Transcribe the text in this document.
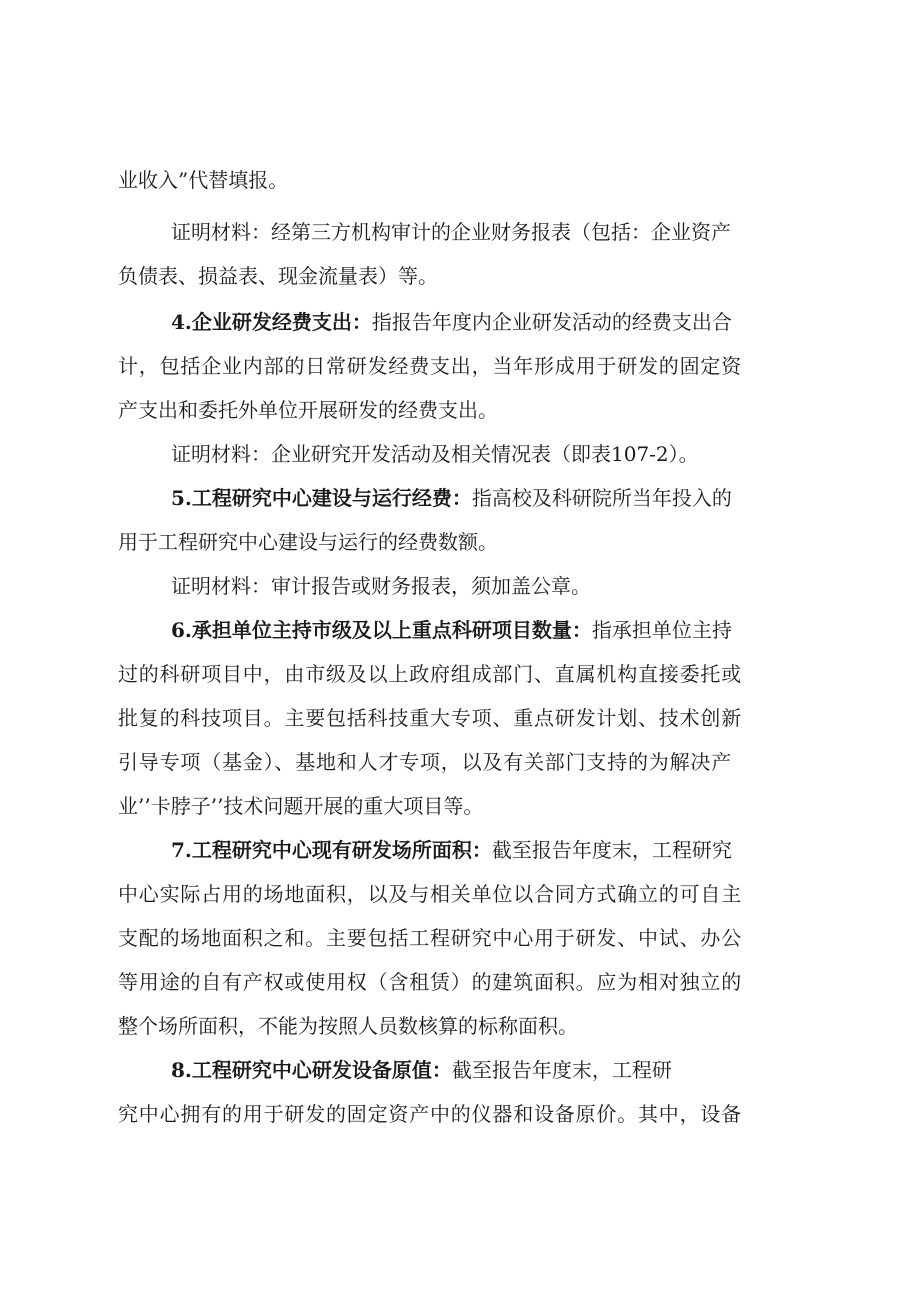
业收入”代替填报。
证明材料：经第三方机构审计的企业财务报表（包括：企业资产
负债表、损益表、现金流量表）等。
4.企业研发经费支出：指报告年度内企业研发活动的经费支出合
计，包括企业内部的日常研发经费支出，当年形成用于研发的固定资
产支出和委托外单位开展研发的经费支出。
证明材料：企业研究开发活动及相关情况表（即表107-2）。
5.工程研究中心建设与运行经费：指高校及科研院所当年投入的
用于工程研究中心建设与运行的经费数额。
证明材料：审计报告或财务报表，须加盖公章。
6.承担单位主持市级及以上重点科研项目数量：指承担单位主持
过的科研项目中，由市级及以上政府组成部门、直属机构直接委托或
批复的科技项目。主要包括科技重大专项、重点研发计划、技术创新
引导专项（基金）、基地和人才专项，以及有关部门支持的为解决产
业’’卡脖子’’技术问题开展的重大项目等。
7.工程研究中心现有研发场所面积：截至报告年度末，工程研究
中心实际占用的场地面积，以及与相关单位以合同方式确立的可自主
支配的场地面积之和。主要包括工程研究中心用于研发、中试、办公
等用途的自有产权或使用权（含租赁）的建筑面积。应为相对独立的
整个场所面积，不能为按照人员数核算的标称面积。
8.工程研究中心研发设备原值：截至报告年度末，工程研
究中心拥有的用于研发的固定资产中的仪器和设备原价。其中，设备
